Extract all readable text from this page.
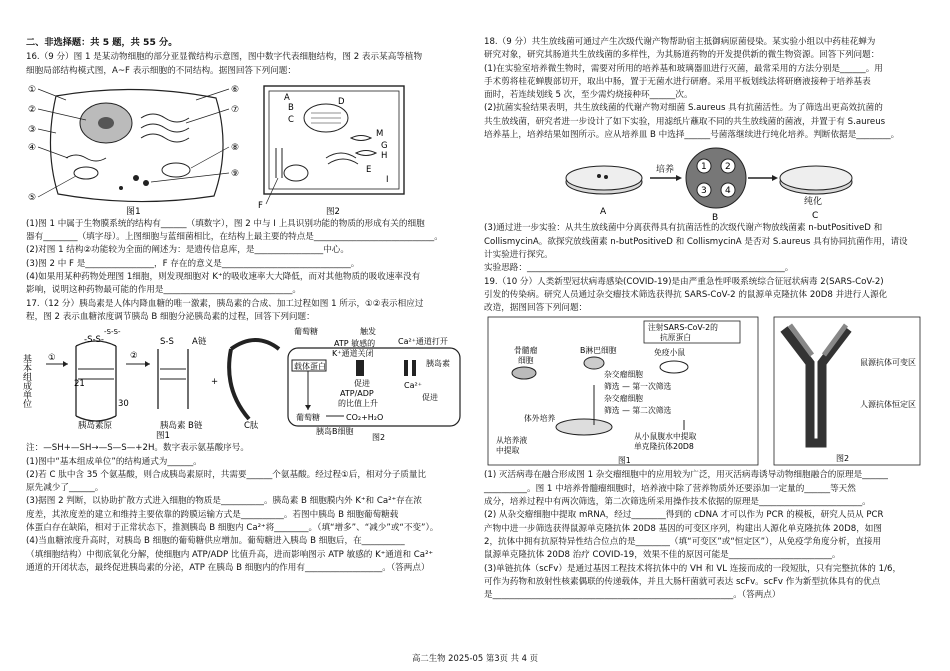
二、非选择题：共 5 题，共 55 分。

16.（9 分）图 1 是某动物细胞的部分亚显微结构示意图，图中数字代表细胞结构，图 2 表示某高等植物

细胞局部结构模式图，A~F 表示细胞的不同结构。据图回答下列问题：

①
②
③
④
⑤
⑥
⑦
⑧
⑨
图1
A
B
C
D
E
F
G
H
I
M
图2

(1)图 1 中属于生物膜系统的结构有______（填数字），图 2 中与 I 上具识别功能的物质的形成有关的细胞

器有________（填字母）。上图细胞与蓝细菌相比，在结构上最主要的特点是____________________________。

(2)对图 1 结构②功能较为全面的阐述为：是遗传信息库，是________________中心。

(3)图 2 中 F 是________________，F 存在的意义是______________________________。

(4)如果用某种药物处理图 1细胞，则发现细胞对 K⁺的吸收速率大大降低，而对其他物质的吸收速率没有

影响，说明这种药物最可能的作用是______________________________。

17.（12 分）胰岛素是人体内降血糖的唯一激素，胰岛素的合成、加工过程如图 1 所示，①②表示相应过

程，图 2 表示血糖浓度调节胰岛 B 细胞分泌胰岛素的过程，回答下列问题：

基本组成单位 ①
-S-S-
21
30
胰岛素原
②
S-S A链
胰岛素 B链
+
C肽
图1
-S-S-	葡萄糖	触发
ATP 敏感的
K⁺通道关闭
Ca²⁺通道打开
载体蛋白	胰岛素
促进
ATP/ADP
的比值上升
Ca²⁺
促进
葡萄糖	CO₂+H₂O
胰岛B细胞
图2

注：—SH+—SH→—S—S—+2H。数字表示氨基酸序号。

(1)图中“基本组成单位”的结构通式为______。

(2)若 C 肽中含 35 个氨基酸，则合成胰岛素原时，共需要______个氨基酸。经过程①后，相对分子质量比

原先减少了______。

(3)据图 2 判断，以协助扩散方式进入细胞的物质是__________。胰岛素 B 细胞膜内外 K⁺和 Ca²⁺存在浓

度差，其浓度差的建立和维持主要依靠的跨膜运输方式是__________。若图中胰岛 B 细胞葡萄糖载

体蛋白存在缺陷，相对于正常状态下，推测胰岛 B 细胞内 Ca²⁺将________。（填“增多”、“减少”或“不变”）。

(4)当血糖浓度升高时，对胰岛 B 细胞的葡萄糖供应增加。葡萄糖进入胰岛 B 细胞后，在__________

（填细胞结构）中彻底氧化分解，使细胞内 ATP/ADP 比值升高，进而影响图示 ATP 敏感的 K⁺通道和 Ca²⁺

通道的开闭状态，最终促进胰岛素的分泌，ATP 在胰岛 B 细胞内的作用有__________________。（答两点）

18.（9 分）共生放线菌可通过产生次级代谢产物帮助宿主抵御病原菌侵染。某实验小组以中药桂花蝉为

研究对象，研究其肠道共生放线菌的多样性，为其肠道药物的开发提供新的微生物资源。回答下列问题：

(1)在实验室培养微生物时，需要对所用的培养基和玻璃器皿进行灭菌，最常采用的方法分别是______。用

手术剪将桂花蝉腹部切开，取出中肠，置于无菌水进行研磨。采用平板划线法将研磨液接种于培养基表

面时，若连续划线 5 次，至少需灼烧接种环______次。

(2)抗菌实验结果表明，共生放线菌的代谢产物对细菌 S.aureus 具有抗菌活性。为了筛选出更高效抗菌的

共生放线菌，研究者进一步设计了如下实验，用滤纸片蘸取不同的共生放线菌的菌液，并置于有 S.aureus

培养基上，培养结果如图所示。应从培养皿 B 中选择______号菌落继续进行纯化培养。判断依据是________。

A
培养	1 2
3 4
B
纯化
C

(3)通过进一步实验：从共生放线菌中分离获得具有抗菌活性的次级代谢产物放线菌素 n-butPositiveD 和

CollismycinA。欲探究放线菌素 n-butPositiveD 和 CollismycinA 是否对 S.aureus 具有协同抗菌作用，请设

计实验进行探究。

实验思路：____________________________________________________________。

19.（10 分）人类新型冠状病毒感染(COVID-19)是由严重急性呼吸系统综合征冠状病毒 2(SARS-CoV-2)

引发的传染病。研究人员通过杂交瘤技术筛选获得抗 SARS-CoV-2 的鼠源单克隆抗体 20D8 并进行人源化

改造，据图回答下列问题：

注射SARS-CoV-2的
抗原蛋白
骨髓瘤
细胞
B淋巴细胞	免疫小鼠
杂交瘤细胞
筛选 — 第一次筛选
杂交瘤细胞
筛选 — 第二次筛选
体外培养
从培养液
中提取
从小鼠腹水中提取
单克隆抗体20D8
图1
鼠源抗体可变区
人源抗体恒定区
图2

(1) 灭活病毒在融合形成图 1 杂交瘤细胞中的应用较为广泛，用灭活病毒诱导动物细胞融合的原理是______

__________。图 1 中培养骨髓瘤细胞时，培养液中除了营养物质外还要添加一定量的______等天然

成分，培养过程中有两次筛选，第二次筛选所采用操作技术依据的原理是________________________。

(2) 从杂交瘤细胞中提取 mRNA，经过________得到的 cDNA 才可以作为 PCR 的模板，研究人员从 PCR

产物中进一步筛选获得鼠源单克隆抗体 20D8 基因的可变区序列，构建出人源化单克隆抗体 20D8，如图

2，抗体中拥有抗原特异性结合位点的是________（填“可变区”或“恒定区”），从免疫学角度分析，直接用

鼠源单克隆抗体 20D8 治疗 COVID-19，效果不佳的原因可能是________________________。

(3)单链抗体（scFv）是通过基因工程技术将抗体中的 VH 和 VL 连接而成的一段短肽，只有完整抗体的 1/6，

可作为药物和放射性核素偶联的传递载体，并且大肠杆菌就可表达 scFv。scFv 作为新型抗体具有的优点

是________________________________________________________。（答两点）

高二生物 2025-05 第3页 共 4 页
